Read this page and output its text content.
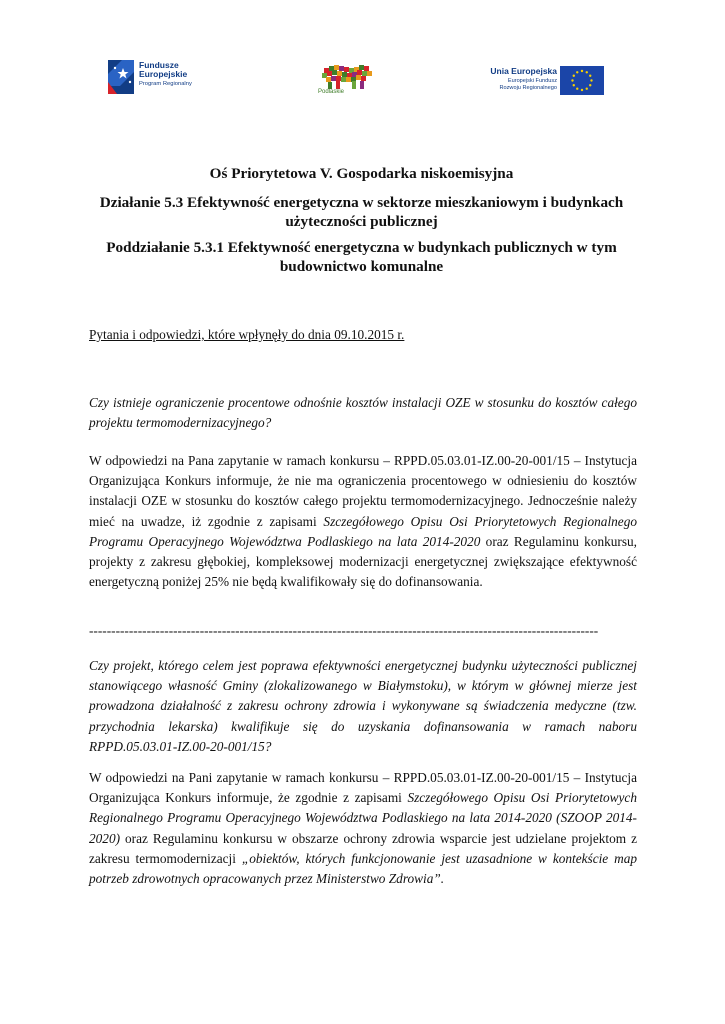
Fundusze
Europejskie
Program Regionalny
Podlaskie
Unia Europejska
Europejski Fundusz
Rozwoju Regionalnego
Oś Priorytetowa V. Gospodarka niskoemisyjna
Działanie 5.3 Efektywność energetyczna w sektorze mieszkaniowym i budynkach użyteczności publicznej
Poddziałanie 5.3.1 Efektywność energetyczna w budynkach publicznych w tym budownictwo komunalne
Pytania i odpowiedzi, które wpłynęły do dnia 09.10.2015 r.
Czy istnieje ograniczenie procentowe odnośnie kosztów instalacji OZE w stosunku do kosztów całego projektu termomodernizacyjnego?
W odpowiedzi na Pana zapytanie w ramach konkursu – RPPD.05.03.01-IZ.00-20-001/15 – Instytucja Organizująca Konkurs informuje, że nie ma ograniczenia procentowego w odniesieniu do kosztów instalacji OZE w stosunku do kosztów całego projektu termomodernizacyjnego. Jednocześnie należy mieć na uwadze, iż zgodnie z zapisami Szczegółowego Opisu Osi Priorytetowych Regionalnego Programu Operacyjnego Województwa Podlaskiego na lata 2014-2020 oraz Regulaminu konkursu, projekty z zakresu głębokiej, kompleksowej modernizacji energetycznej zwiększające efektywność energetyczną poniżej 25% nie będą kwalifikowały się do dofinansowania.
-------------------------------------------------------------------------------------------------------------------
Czy projekt, którego celem jest poprawa efektywności energetycznej budynku użyteczności publicznej stanowiącego własność Gminy (zlokalizowanego w Białymstoku), w którym w głównej mierze jest prowadzona działalność z zakresu ochrony zdrowia i wykonywane są świadczenia medyczne (tzw. przychodnia lekarska) kwalifikuje się do uzyskania dofinansowania w ramach naboru RPPD.05.03.01-IZ.00-20-001/15?
W odpowiedzi na Pani zapytanie w ramach konkursu – RPPD.05.03.01-IZ.00-20-001/15 – Instytucja Organizująca Konkurs informuje, że zgodnie z zapisami Szczegółowego Opisu Osi Priorytetowych Regionalnego Programu Operacyjnego Województwa Podlaskiego na lata 2014-2020 (SZOOP 2014-2020) oraz Regulaminu konkursu w obszarze ochrony zdrowia wsparcie jest udzielane projektom z zakresu termomodernizacji „obiektów, których funkcjonowanie jest uzasadnione w kontekście map potrzeb zdrowotnych opracowanych przez Ministerstwo Zdrowia”.
